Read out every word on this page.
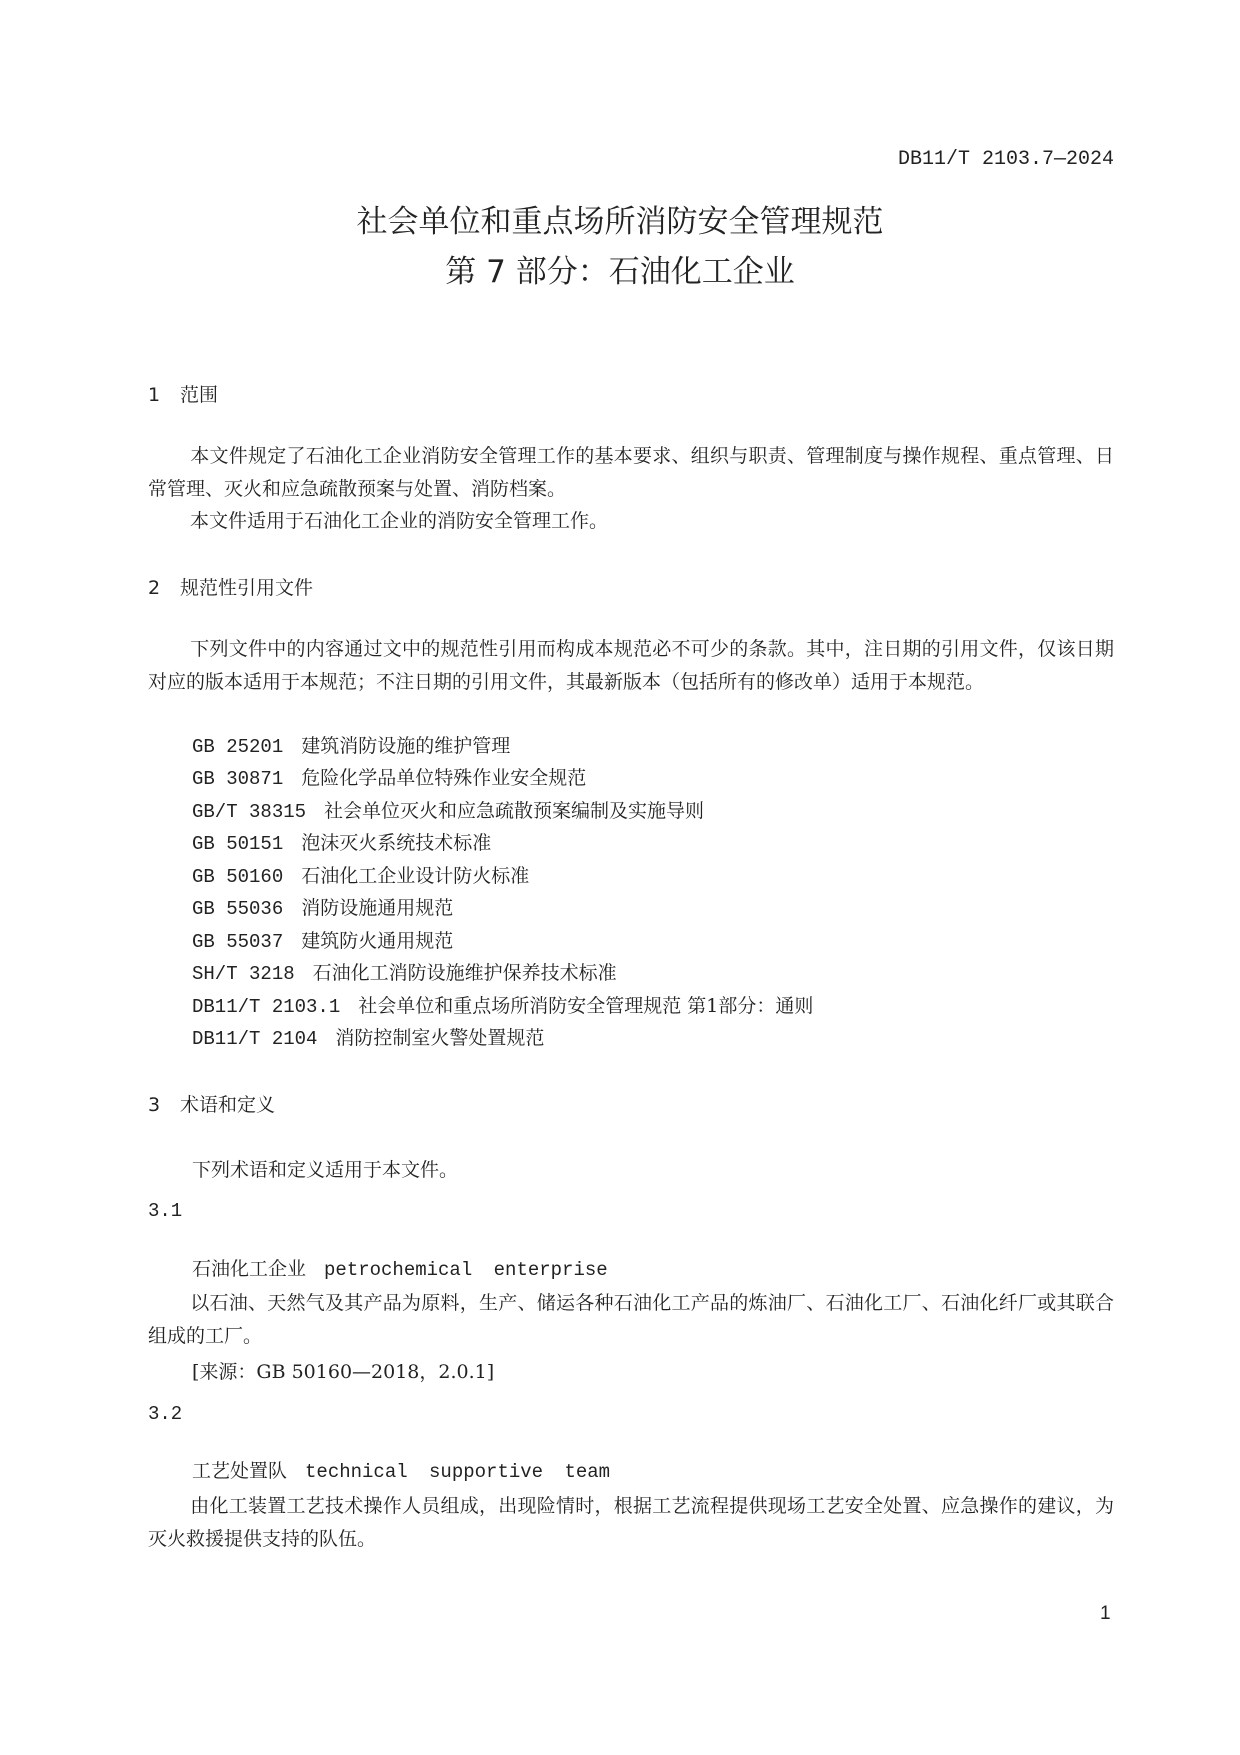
DB11/T 2103.7—2024
社会单位和重点场所消防安全管理规范
第 7 部分：石油化工企业
1 范围
本文件规定了石油化工企业消防安全管理工作的基本要求、组织与职责、管理制度与操作规程、重点管理、日常管理、灭火和应急疏散预案与处置、消防档案。
本文件适用于石油化工企业的消防安全管理工作。
2 规范性引用文件
下列文件中的内容通过文中的规范性引用而构成本规范必不可少的条款。其中，注日期的引用文件，仅该日期对应的版本适用于本规范；不注日期的引用文件，其最新版本（包括所有的修改单）适用于本规范。
GB 25201 建筑消防设施的维护管理
GB 30871 危险化学品单位特殊作业安全规范
GB/T 38315 社会单位灭火和应急疏散预案编制及实施导则
GB 50151 泡沫灭火系统技术标准
GB 50160 石油化工企业设计防火标准
GB 55036 消防设施通用规范
GB 55037 建筑防火通用规范
SH/T 3218 石油化工消防设施维护保养技术标准
DB11/T 2103.1 社会单位和重点场所消防安全管理规范 第1部分：通则
DB11/T 2104 消防控制室火警处置规范
3 术语和定义
下列术语和定义适用于本文件。
3.1
石油化工企业 petrochemical enterprise
以石油、天然气及其产品为原料，生产、储运各种石油化工产品的炼油厂、石油化工厂、石油化纤厂或其联合组成的工厂。
[来源：GB 50160—2018，2.0.1]
3.2
工艺处置队 technical supportive team
由化工装置工艺技术操作人员组成，出现险情时，根据工艺流程提供现场工艺安全处置、应急操作的建议，为灭火救援提供支持的队伍。
1
